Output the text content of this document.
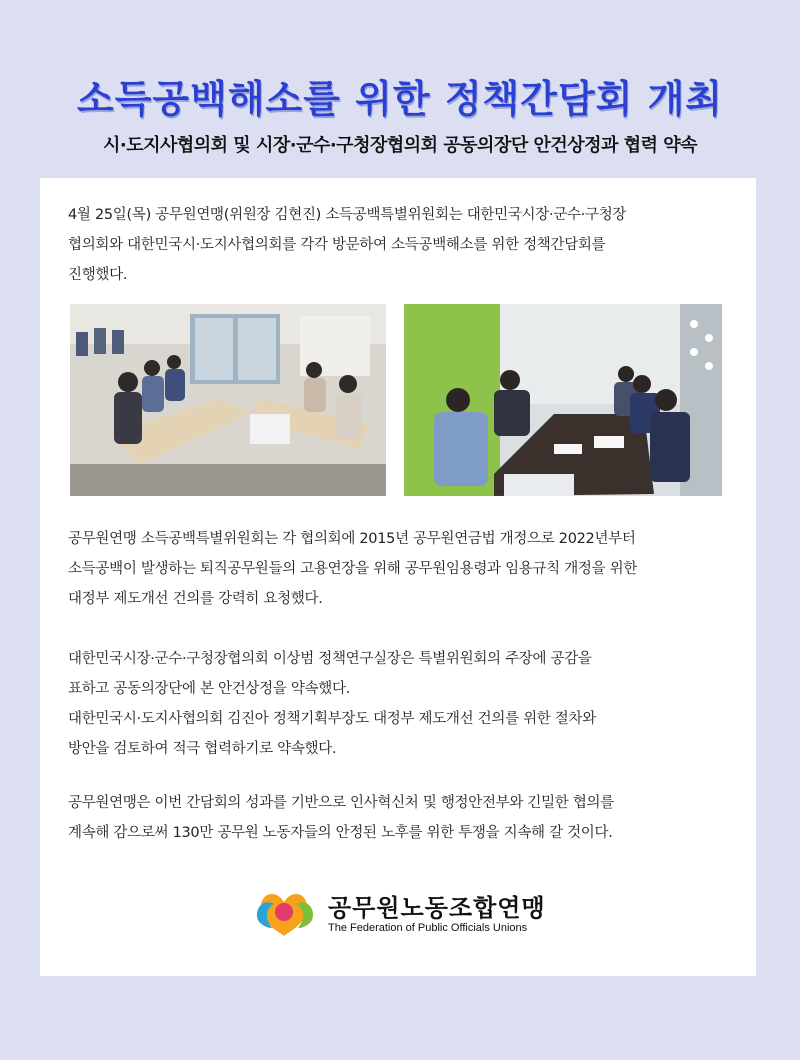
소득공백해소를 위한 정책간담회 개최
시·도지사협의회 및 시장·군수·구청장협의회 공동의장단 안건상정과 협력 약속
4월 25일(목) 공무원연맹(위원장 김현진) 소득공백특별위원회는 대한민국시장·군수·구청장
협의회와 대한민국시·도지사협의회를 각각 방문하여 소득공백해소를 위한 정책간담회를
진행했다.
공무원연맹 소득공백특별위원회는 각 협의회에 2015년 공무원연금법 개정으로 2022년부터
소득공백이 발생하는 퇴직공무원들의 고용연장을 위해 공무원임용령과 임용규칙 개정을 위한
대정부 제도개선 건의를 강력히 요청했다.
대한민국시장·군수·구청장협의회 이상범 정책연구실장은 특별위원회의 주장에 공감을
표하고 공동의장단에 본 안건상정을 약속했다.
대한민국시·도지사협의회 김진아 정책기획부장도 대정부 제도개선 건의를 위한 절차와
방안을 검토하여 적극 협력하기로 약속했다.
공무원연맹은 이번 간담회의 성과를 기반으로 인사혁신처 및 행정안전부와 긴밀한 협의를
계속해 감으로써 130만 공무원 노동자들의 안정된 노후를 위한 투쟁을 지속해 갈 것이다.
공무원노동조합연맹
The Federation of Public Officials Unions
